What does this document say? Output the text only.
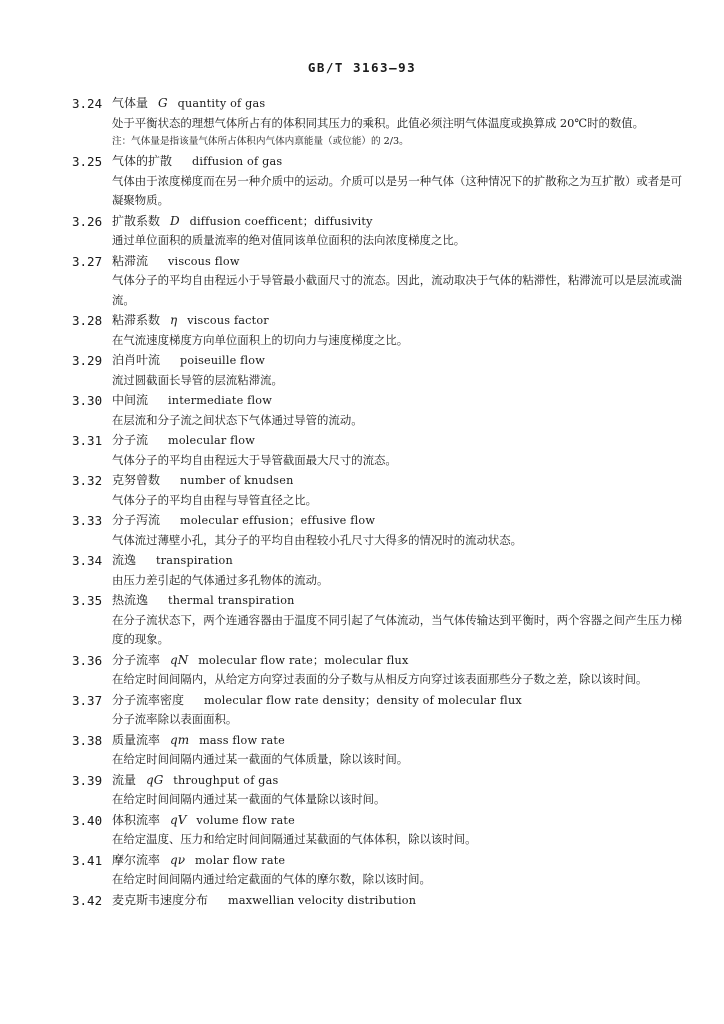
GB/T 3163—93
3.24 气体量 G quantity of gas
处于平衡状态的理想气体所占有的体积同其压力的乘积。此值必须注明气体温度或换算成 20℃时的数值。
注：气体量是指该量气体所占体积内气体内禀能量（或位能）的 2/3。
3.25 气体的扩散 diffusion of gas
气体由于浓度梯度而在另一种介质中的运动。介质可以是另一种气体（这种情况下的扩散称之为互扩散）或者是可凝聚物质。
3.26 扩散系数 D diffusion coefficent；diffusivity
通过单位面积的质量流率的绝对值同该单位面积的法向浓度梯度之比。
3.27 粘滞流 viscous flow
气体分子的平均自由程远小于导管最小截面尺寸的流态。因此，流动取决于气体的粘滞性，粘滞流可以是层流或湍流。
3.28 粘滞系数 η viscous factor
在气流速度梯度方向单位面积上的切向力与速度梯度之比。
3.29 泊肖叶流 poiseuille flow
流过圆截面长导管的层流粘滞流。
3.30 中间流 intermediate flow
在层流和分子流之间状态下气体通过导管的流动。
3.31 分子流 molecular flow
气体分子的平均自由程远大于导管截面最大尺寸的流态。
3.32 克努曾数 number of knudsen
气体分子的平均自由程与导管直径之比。
3.33 分子泻流 molecular effusion；effusive flow
气体流过薄壁小孔，其分子的平均自由程较小孔尺寸大得多的情况时的流动状态。
3.34 流逸 transpiration
由压力差引起的气体通过多孔物体的流动。
3.35 热流逸 thermal transpiration
在分子流状态下，两个连通容器由于温度不同引起了气体流动，当气体传输达到平衡时，两个容器之间产生压力梯度的现象。
3.36 分子流率 qN molecular flow rate；molecular flux
在给定时间间隔内，从给定方向穿过表面的分子数与从相反方向穿过该表面那些分子数之差，除以该时间。
3.37 分子流率密度 molecular flow rate density；density of molecular flux
分子流率除以表面面积。
3.38 质量流率 qm mass flow rate
在给定时间间隔内通过某一截面的气体质量，除以该时间。
3.39 流量 qG throughput of gas
在给定时间间隔内通过某一截面的气体量除以该时间。
3.40 体积流率 qV volume flow rate
在给定温度、压力和给定时间间隔通过某截面的气体体积，除以该时间。
3.41 摩尔流率 qν molar flow rate
在给定时间间隔内通过给定截面的气体的摩尔数，除以该时间。
3.42 麦克斯韦速度分布 maxwellian velocity distribution
